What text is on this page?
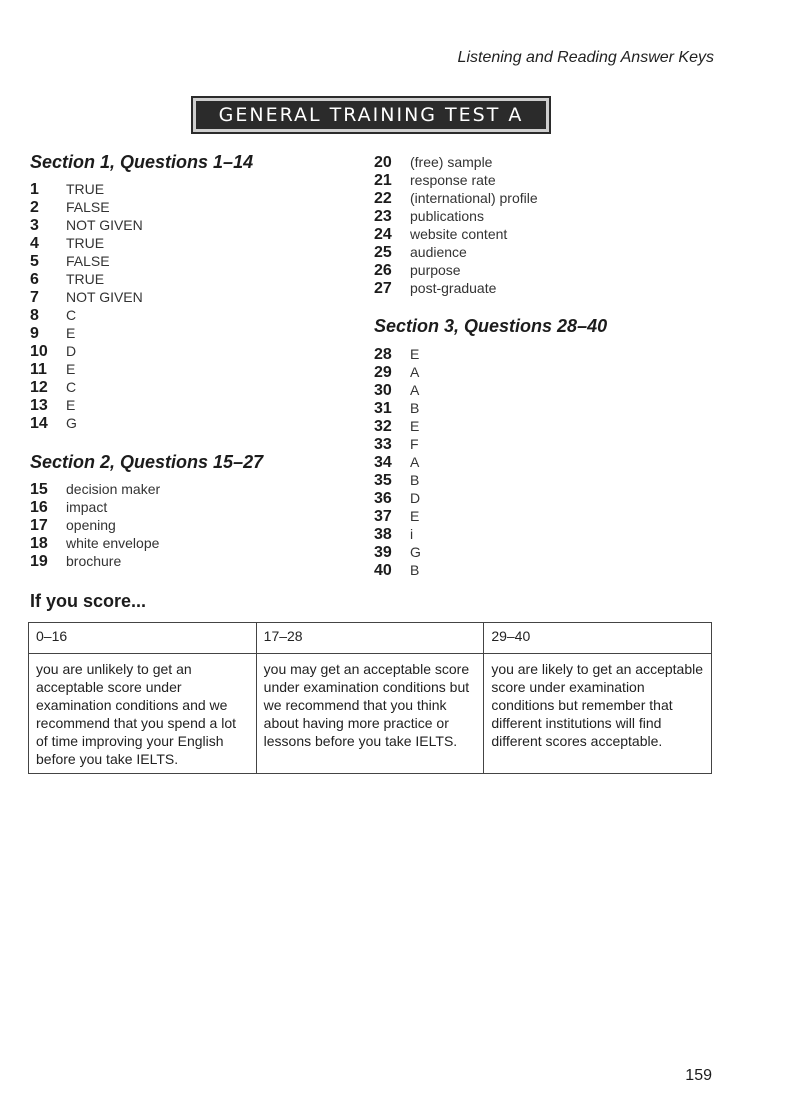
Listening and Reading Answer Keys
GENERAL TRAINING TEST A
Section 1, Questions 1–14
1	TRUE
2	FALSE
3	NOT GIVEN
4	TRUE
5	FALSE
6	TRUE
7	NOT GIVEN
8	C
9	E
10	D
11	E
12	C
13	E
14	G
Section 2, Questions 15–27
15	decision maker
16	impact
17	opening
18	white envelope
19	brochure
20	(free) sample
21	response rate
22	(international) profile
23	publications
24	website content
25	audience
26	purpose
27	post-graduate
Section 3, Questions 28–40
28	E
29	A
30	A
31	B
32	E
33	F
34	A
35	B
36	D
37	E
38	i
39	G
40	B
If you score...
0–16	17–28	29–40
you are unlikely to get an acceptable score under examination conditions and we recommend that you spend a lot of time improving your English before you take IELTS.	you may get an acceptable score under examination conditions but we recommend that you think about having more practice or lessons before you take IELTS.	you are likely to get an acceptable score under examination conditions but remember that different institutions will find different scores acceptable.
159
